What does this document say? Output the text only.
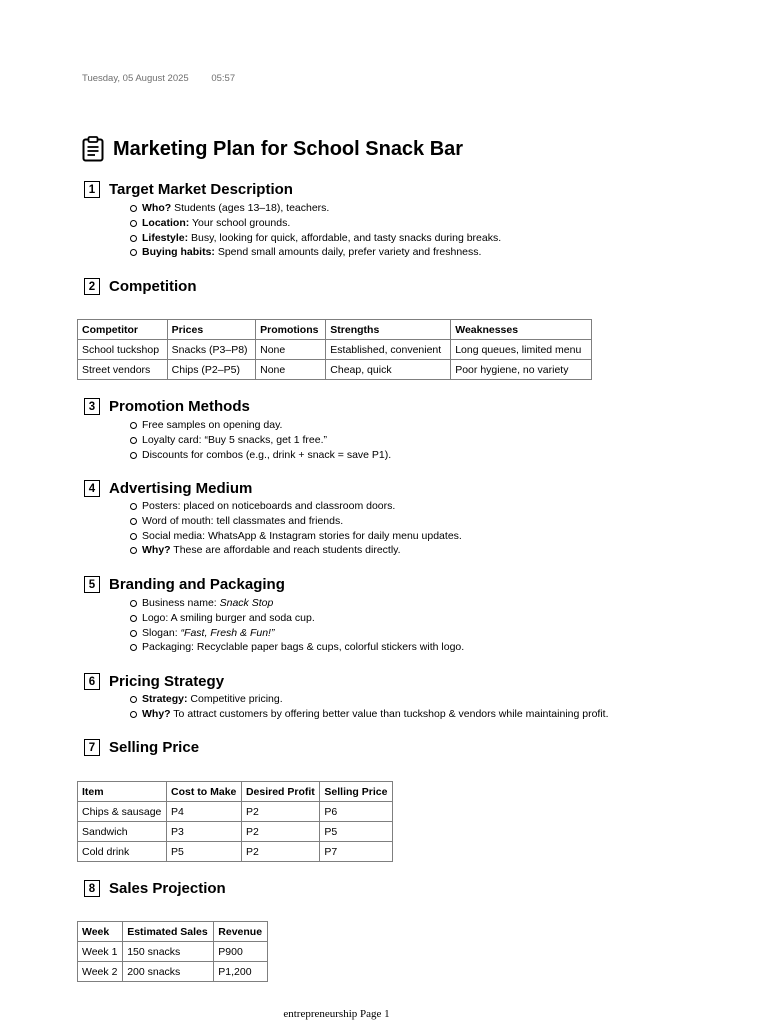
Tuesday, 05 August 2025 05:57
Marketing Plan for School Snack Bar
1 Target Market Description
Who? Students (ages 13–18), teachers.
Location: Your school grounds.
Lifestyle: Busy, looking for quick, affordable, and tasty snacks during breaks.
Buying habits: Spend small amounts daily, prefer variety and freshness.
2 Competition
Competitor	Prices	Promotions	Strengths	Weaknesses
School tuckshop	Snacks (P3–P8)	None	Established, convenient	Long queues, limited menu
Street vendors	Chips (P2–P5)	None	Cheap, quick	Poor hygiene, no variety
3 Promotion Methods
Free samples on opening day.
Loyalty card: “Buy 5 snacks, get 1 free.”
Discounts for combos (e.g., drink + snack = save P1).
4 Advertising Medium
Posters: placed on noticeboards and classroom doors.
Word of mouth: tell classmates and friends.
Social media: WhatsApp & Instagram stories for daily menu updates.
Why? These are affordable and reach students directly.
5 Branding and Packaging
Business name: Snack Stop
Logo: A smiling burger and soda cup.
Slogan: “Fast, Fresh & Fun!”
Packaging: Recyclable paper bags & cups, colorful stickers with logo.
6 Pricing Strategy
Strategy: Competitive pricing.
Why? To attract customers by offering better value than tuckshop & vendors while maintaining profit.
7 Selling Price
Item	Cost to Make	Desired Profit	Selling Price
Chips & sausage	P4	P2	P6
Sandwich	P3	P2	P5
Cold drink	P5	P2	P7
8 Sales Projection
Week	Estimated Sales	Revenue
Week 1	150 snacks	P900
Week 2	200 snacks	P1,200
entrepreneurship Page 1
